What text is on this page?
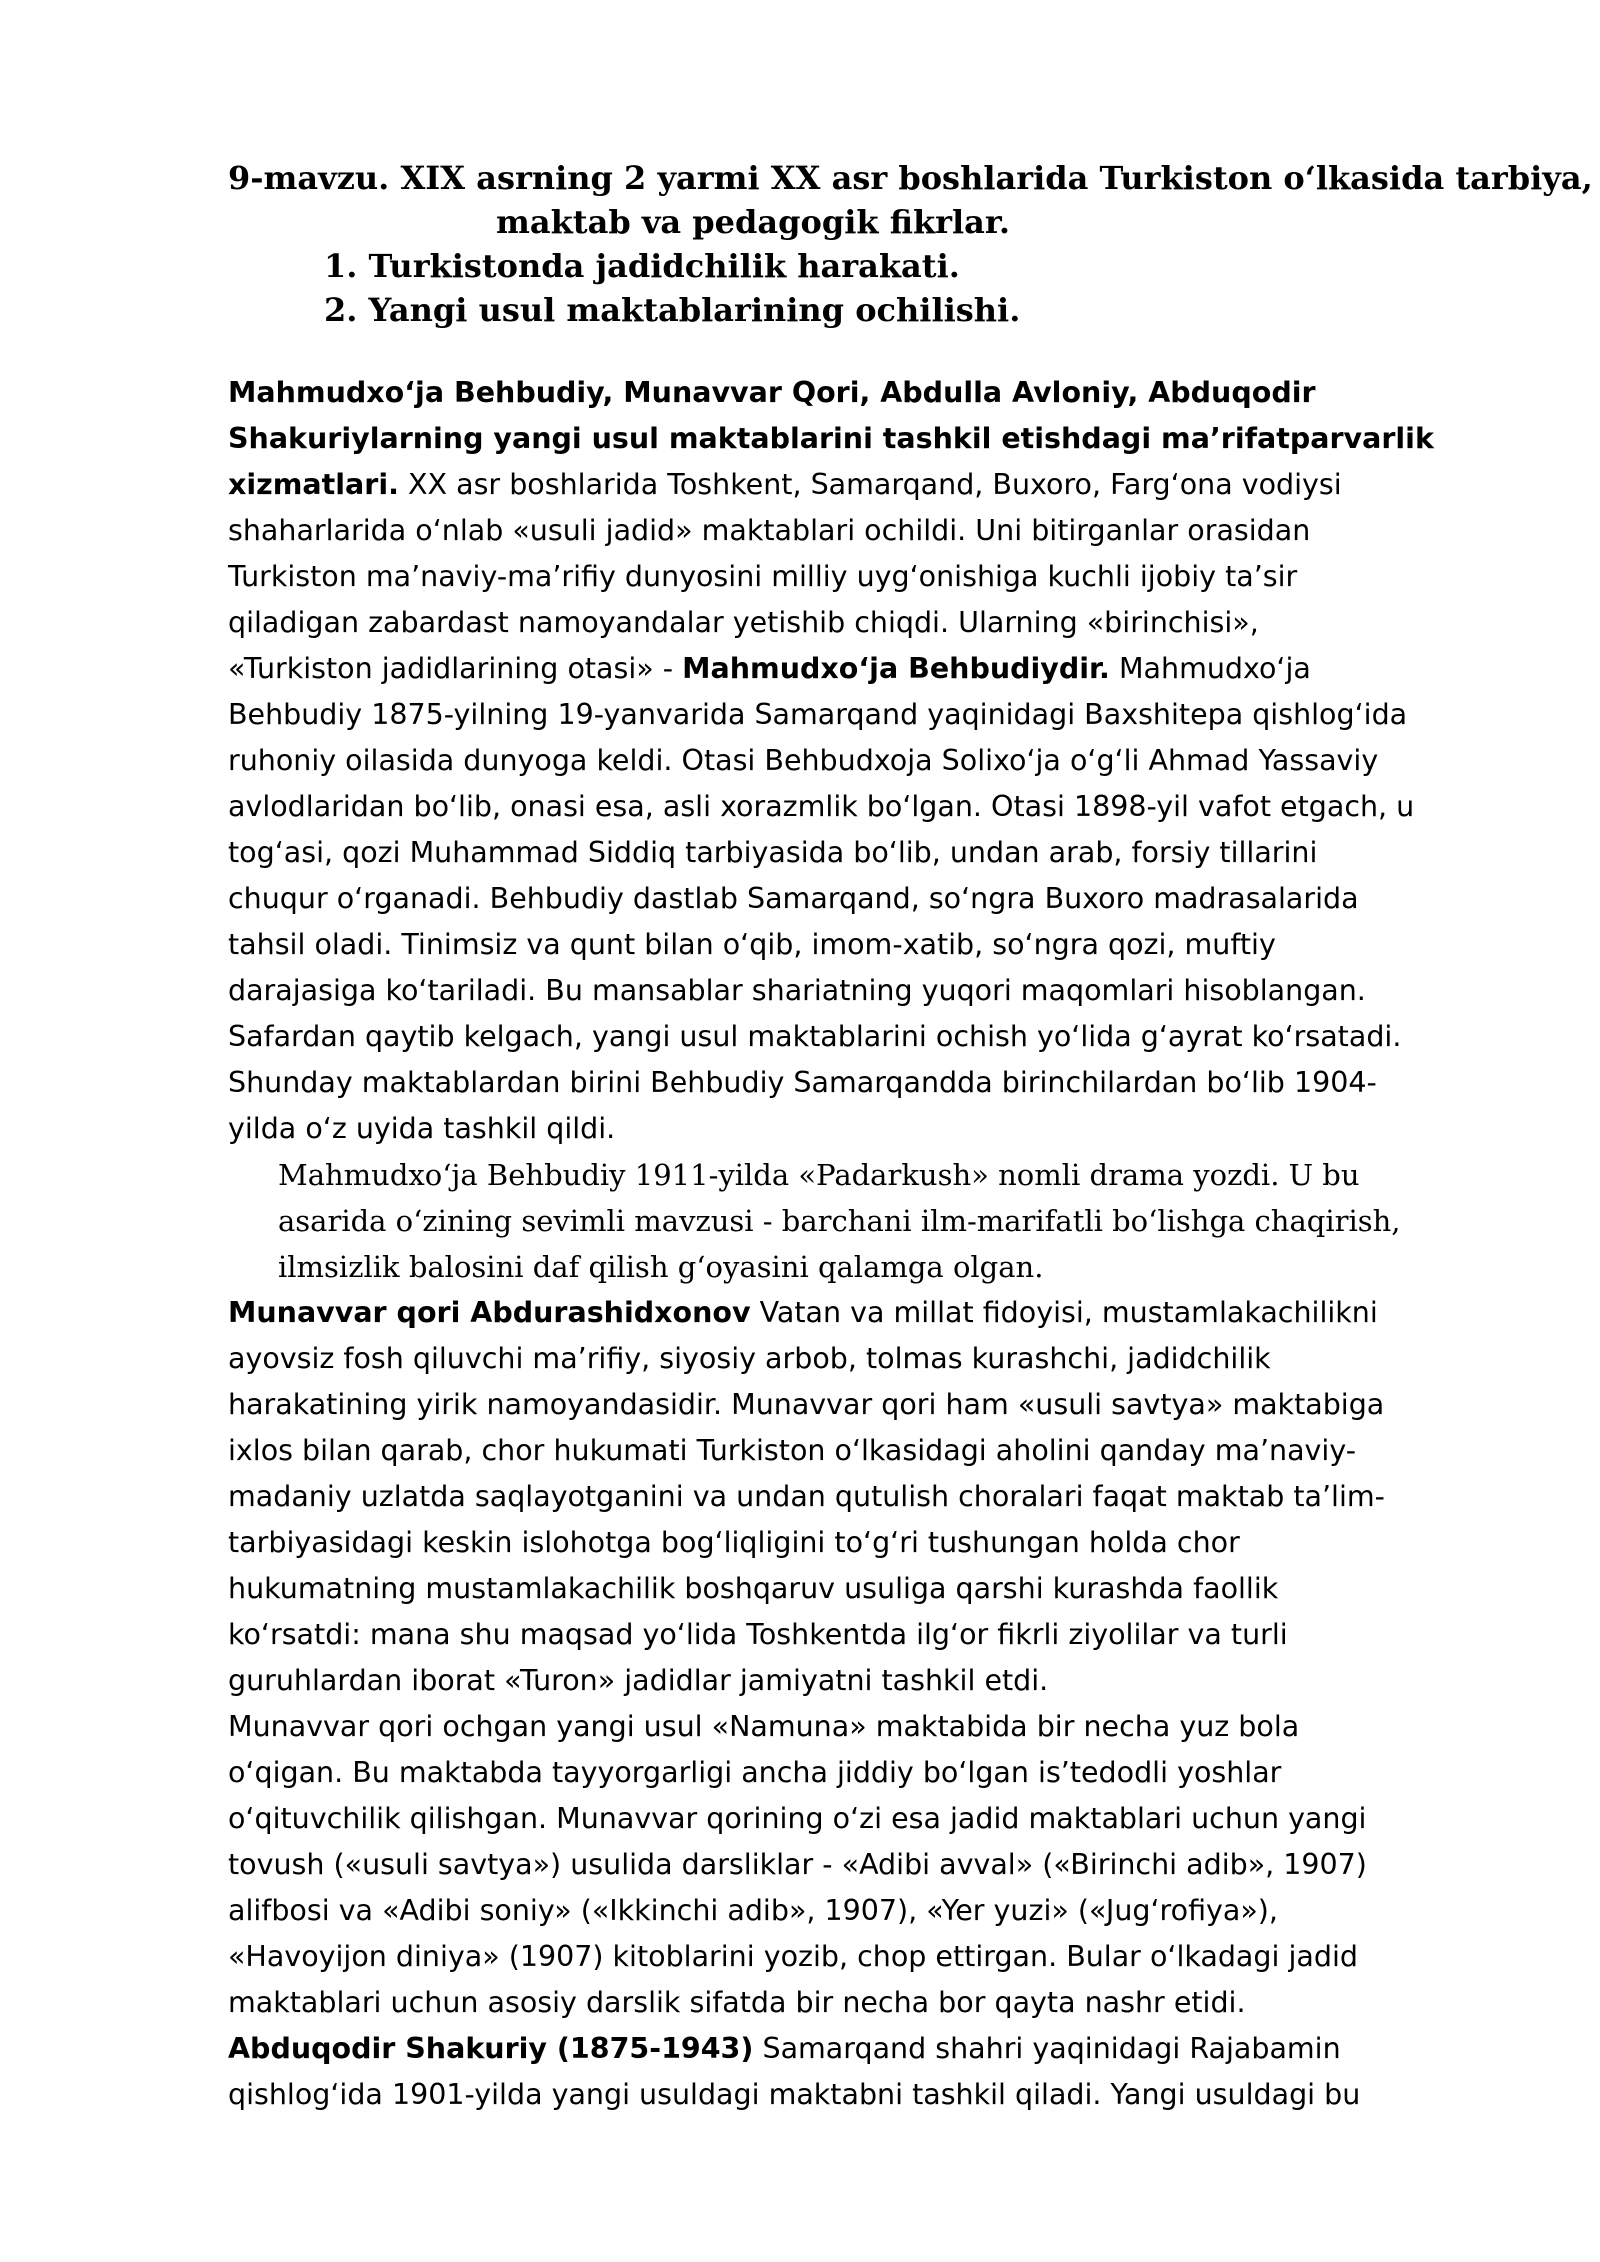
9-mavzu. XIX asrning 2 yarmi XX asr boshlarida Turkiston o‘lkasida tarbiya,
maktab va pedagogik fikrlar.
1. Turkistondа jadidchilik harakati.
2. Yangi usul maktablarining ochilishi.
Mahmudxo‘ja Behbudiy, Munavvar Qori, Abdulla Avloniy, Abduqodir
Shakuriylarning yangi usul maktablarini tashkil etishdagi ma’rifatparvarlik
xizmatlari. XX asr boshlarida Toshkent, Samarqand, Buxoro, Farg‘ona vodiysi
shaharlarida o‘nlab «usuli jadid» maktablari ochildi. Uni bitirganlar orasidan
Turkiston ma’naviy-ma’rifiy dunyosini milliy uyg‘onishiga kuchli ijobiy ta’sir
qiladigan zabardast namoyandalar yetishib chiqdi. Ularning «birinchisi»,
«Turkiston jadidlarining otasi» - Mahmudxo‘ja Behbudiydir. Mahmudxo‘ja
Behbudiy 1875-yilning 19-yanvarida Samarqand yaqinidagi Baxshitepa qishlog‘ida
ruhoniy oilasida dunyoga keldi. Otasi Behbudxoja Solixo‘ja o‘g‘li Ahmad Yassaviy
avlodlaridan bo‘lib, onasi esa, asli xorazmlik bo‘lgan. Otasi 1898-yil vafot etgach, u
tog‘asi, qozi Muhammad Siddiq tarbiyasida bo‘lib, undan arab, forsiy tillarini
chuqur o‘rganadi. Behbudiy dastlab Samarqand, so‘ngra Buxoro madrasalarida
tahsil oladi. Tinimsiz va qunt bilan o‘qib, imom-xatib, so‘ngra qozi, muftiy
darajasiga ko‘tariladi. Bu mansablar shariatning yuqori maqomlari hisoblangan.
Safardan qaytib kelgach, yangi usul maktablarini ochish yo‘lida g‘ayrat ko‘rsatadi.
Shunday maktablardan birini Behbudiy Samarqandda birinchilardan bo‘lib 1904-
yilda o‘z uyida tashkil qildi.
Mahmudxo‘ja Behbudiy 1911-yilda «Padarkush» nomli drama yozdi. U bu
asarida o‘zining sevimli mavzusi - barchani ilm-marifatli bo‘lishga chaqirish,
ilmsizlik balosini daf qilish g‘oyasini qalamga olgan.
Munavvar qori Abdurashidxonov Vatan va millat fidoyisi, mustamlakachilikni
ayovsiz fosh qiluvchi ma’rifiy, siyosiy arbob, tolmas kurashchi, jadidchilik
harakatining yirik namoyandasidir. Munavvar qori ham «usuli savtya» maktabiga
ixlos bilan qarab, chor hukumati Turkiston o‘lkasidagi aholini qanday ma’naviy-
madaniy uzlatda saqlayotganini va undan qutulish choralari faqat maktab ta’lim-
tarbiyasidagi keskin islohotga bog‘liqligini to‘g‘ri tushungan holda chor
hukumatning mustamlakachilik boshqaruv usuliga qarshi kurashda faollik
ko‘rsatdi: mana shu maqsad yo‘lida Toshkentda ilg‘or fikrli ziyolilar va turli
guruhlardan iborat «Turon» jadidlar jamiyatni tashkil etdi.
Munavvar qori ochgan yangi usul «Namuna» maktabida bir necha yuz bola
o‘qigan. Bu maktabda tayyorgarligi ancha jiddiy bo‘lgan is’tedodli yoshlar
o‘qituvchilik qilishgan. Munavvar qorining o‘zi esa jadid maktablari uchun yangi
tovush («usuli savtya») usulida darsliklar - «Adibi avval» («Birinchi adib», 1907)
alifbosi va «Adibi soniy» («Ikkinchi adib», 1907), «Yer yuzi» («Jug‘rofiya»),
«Havoyijon diniya» (1907) kitoblarini yozib, chop ettirgan. Bular o‘lkadagi jadid
maktablari uchun asosiy darslik sifatda bir necha bor qayta nashr etidi.
Abduqodir Shakuriy (1875-1943) Samarqand shahri yaqinidagi Rajabamin
qishlog‘ida 1901-yilda yangi usuldagi maktabni tashkil qiladi. Yangi usuldagi bu
